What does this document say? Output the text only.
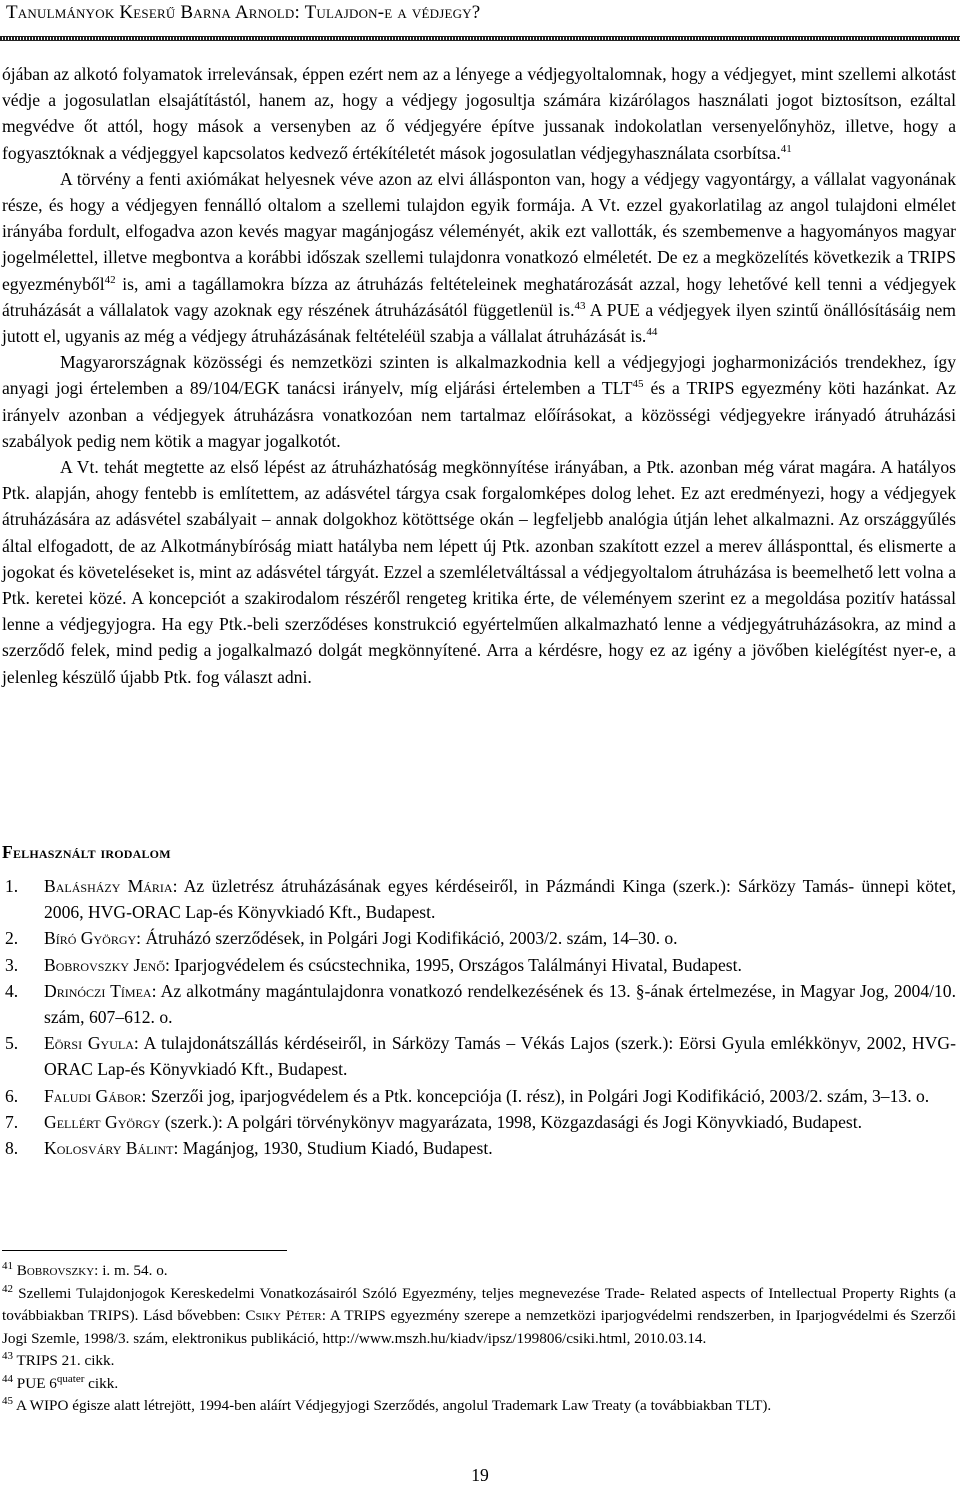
Tanulmányok Keserű Barna Arnold: Tulajdon-e a védjegy?

ójában az alkotó folyamatok irrelevánsak, éppen ezért nem az a lényege a védjegyoltalomnak, hogy a védjegyet, mint szellemi alkotást védje a jogosulatlan elsajátítástól, hanem az, hogy a védjegy jogosultja számára kizárólagos használati jogot biztosítson, ezáltal megvédve őt attól, hogy mások a versenyben az ő védjegyére építve jussanak indokolatlan versenyelőnyhöz, illetve, hogy a fogyasztóknak a védjeggyel kapcsolatos kedvező értékítéletét mások jogosulatlan védjegyhasználata csorbítsa.$^{41}$

A törvény a fenti axiómákat helyesnek véve azon az elvi állásponton van, hogy a védjegy vagyontárgy, a vállalat vagyonának része, és hogy a védjegyen fennálló oltalom a szellemi tulajdon egyik formája. A Vt. ezzel gyakorlatilag az angol tulajdoni elmélet irányába fordult, elfogadva azon kevés magyar magánjogász véleményét, akik ezt vallották, és szembemenve a hagyományos magyar jogelmélettel, illetve megbontva a korábbi időszak szellemi tulajdonra vonatkozó elméletét. De ez a megközelítés következik a TRIPS egyezményből$^{42}$ is, ami a tagállamokra bízza az átruházás feltételeinek meghatározását azzal, hogy lehetővé kell tenni a védjegyek átruházását a vállalatok vagy azoknak egy részének átruházásától függetlenül is.$^{43}$ A PUE a védjegyek ilyen szintű önállósításáig nem jutott el, ugyanis az még a védjegy átruházásának feltételéül szabja a vállalat átruházását is.$^{44}$

Magyarországnak közösségi és nemzetközi szinten is alkalmazkodnia kell a védjegyjogi jogharmonizációs trendekhez, így anyagi jogi értelemben a 89/104/EGK tanácsi irányelv, míg eljárási értelemben a TLT$^{45}$ és a TRIPS egyezmény köti hazánkat. Az irányelv azonban a védjegyek átruházásra vonatkozóan nem tartalmaz előírásokat, a közösségi védjegyekre irányadó átruházási szabályok pedig nem kötik a magyar jogalkotót.

A Vt. tehát megtette az első lépést az átruházhatóság megkönnyítése irányában, a Ptk. azonban még várat magára. A hatályos Ptk. alapján, ahogy fentebb is említettem, az adásvétel tárgya csak forgalomképes dolog lehet. Ez azt eredményezi, hogy a védjegyek átruházására az adásvétel szabályait – annak dolgokhoz kötöttsége okán – legfeljebb analógia útján lehet alkalmazni. Az országgyűlés által elfogadott, de az Alkotmánybíróság miatt hatályba nem lépett új Ptk. azonban szakított ezzel a merev állásponttal, és elismerte a jogokat és követeléseket is, mint az adásvétel tárgyát. Ezzel a szemléletváltással a védjegyoltalom átruházása is beemelhető lett volna a Ptk. keretei közé. A koncepciót a szakirodalom részéről rengeteg kritika érte, de véleményem szerint ez a megoldása pozitív hatással lenne a védjegyjogra. Ha egy Ptk.-beli szerződéses konstrukció egyértelműen alkalmazható lenne a védjegyátruházásokra, az mind a szerződő felek, mind pedig a jogalkalmazó dolgát megkönnyítené. Arra a kérdésre, hogy ez az igény a jövőben kielégítést nyer-e, a jelenleg készülő újabb Ptk. fog választ adni.

Felhasznált irodalom
1. Balásházy Mária: Az üzletrész átruházásának egyes kérdéseiről, in Pázmándi Kinga (szerk.): Sárközy Tamás- ünnepi kötet, 2006, HVG-ORAC Lap-és Könyvkiadó Kft., Budapest.
2. Bíró György: Átruházó szerződések, in Polgári Jogi Kodifikáció, 2003/2. szám, 14–30. o.
3. Bobrovszky Jenő: Iparjogvédelem és csúcstechnika, 1995, Országos Találmányi Hivatal, Budapest.
4. Drinóczi Tímea: Az alkotmány magántulajdonra vonatkozó rendelkezésének és 13. §-ának értelmezése, in Magyar Jog, 2004/10. szám, 607–612. o.
5. Eörsi Gyula: A tulajdonátszállás kérdéseiről, in Sárközy Tamás – Vékás Lajos (szerk.): Eörsi Gyula emlékkönyv, 2002, HVG-ORAC Lap-és Könyvkiadó Kft., Budapest.
6. Faludi Gábor: Szerzői jog, iparjogvédelem és a Ptk. koncepciója (I. rész), in Polgári Jogi Kodifikáció, 2003/2. szám, 3–13. o.
7. Gellért György (szerk.): A polgári törvénykönyv magyarázata, 1998, Közgazdasági és Jogi Könyvkiadó, Budapest.
8. Kolosváry Bálint: Magánjog, 1930, Studium Kiadó, Budapest.

$^{41}$ Bobrovszky: i. m. 54. o.

$^{42}$ Szellemi Tulajdonjogok Kereskedelmi Vonatkozásairól Szóló Egyezmény, teljes megnevezése Trade- Related aspects of Intellectual Property Rights (a továbbiakban TRIPS). Lásd bővebben: Csiky Péter: A TRIPS egyezmény szerepe a nemzetközi iparjogvédelmi rendszerben, in Iparjogvédelmi és Szerzői Jogi Szemle, 1998/3. szám, elektronikus publikáció, http://www.mszh.hu/kiadv/ipsz/199806/csiki.html, 2010.03.14.

$^{43}$ TRIPS 21. cikk.

$^{44}$ PUE $6^{quater}$ cikk.

$^{45}$ A WIPO égisze alatt létrejött, 1994-ben aláírt Védjegyjogi Szerződés, angolul Trademark Law Treaty (a továbbiakban TLT).

19
